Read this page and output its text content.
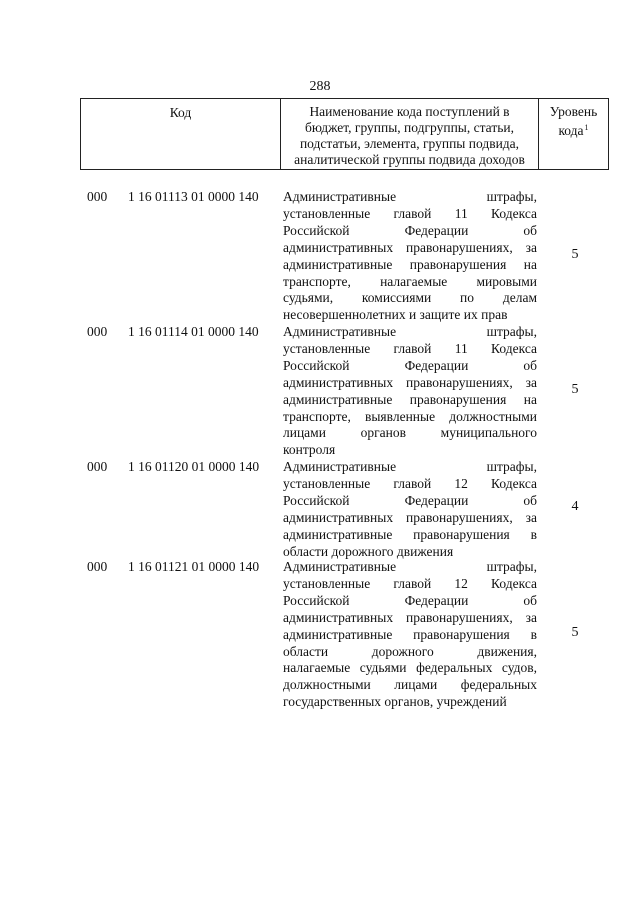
288
Код	Наименование кода поступлений в
бюджет, группы, подгруппы, статьи,
подстатьи, элемента, группы подвида,
аналитической группы подвида доходов
Уровень
кода$^1$
000 1 16 01113 01 0000 140 Административные штрафы,
установленные главой 11 Кодекса
Российской Федерации об
административных правонарушениях, за
административные правонарушения на
транспорте, налагаемые мировыми
судьями, комиссиями по делам
несовершеннолетних и защите их прав
5
000 1 16 01114 01 0000 140 Административные штрафы,
установленные главой 11 Кодекса
Российской Федерации об
административных правонарушениях, за
административные правонарушения на
транспорте, выявленные должностными
лицами органов муниципального
контроля
5
000 1 16 01120 01 0000 140 Административные штрафы,
установленные главой 12 Кодекса
Российской Федерации об
административных правонарушениях, за
административные правонарушения в
области дорожного движения
4
000 1 16 01121 01 0000 140 Административные штрафы,
установленные главой 12 Кодекса
Российской Федерации об
административных правонарушениях, за
административные правонарушения в
области дорожного движения,
налагаемые судьями федеральных судов,
должностными лицами федеральных
государственных органов, учреждений
5
